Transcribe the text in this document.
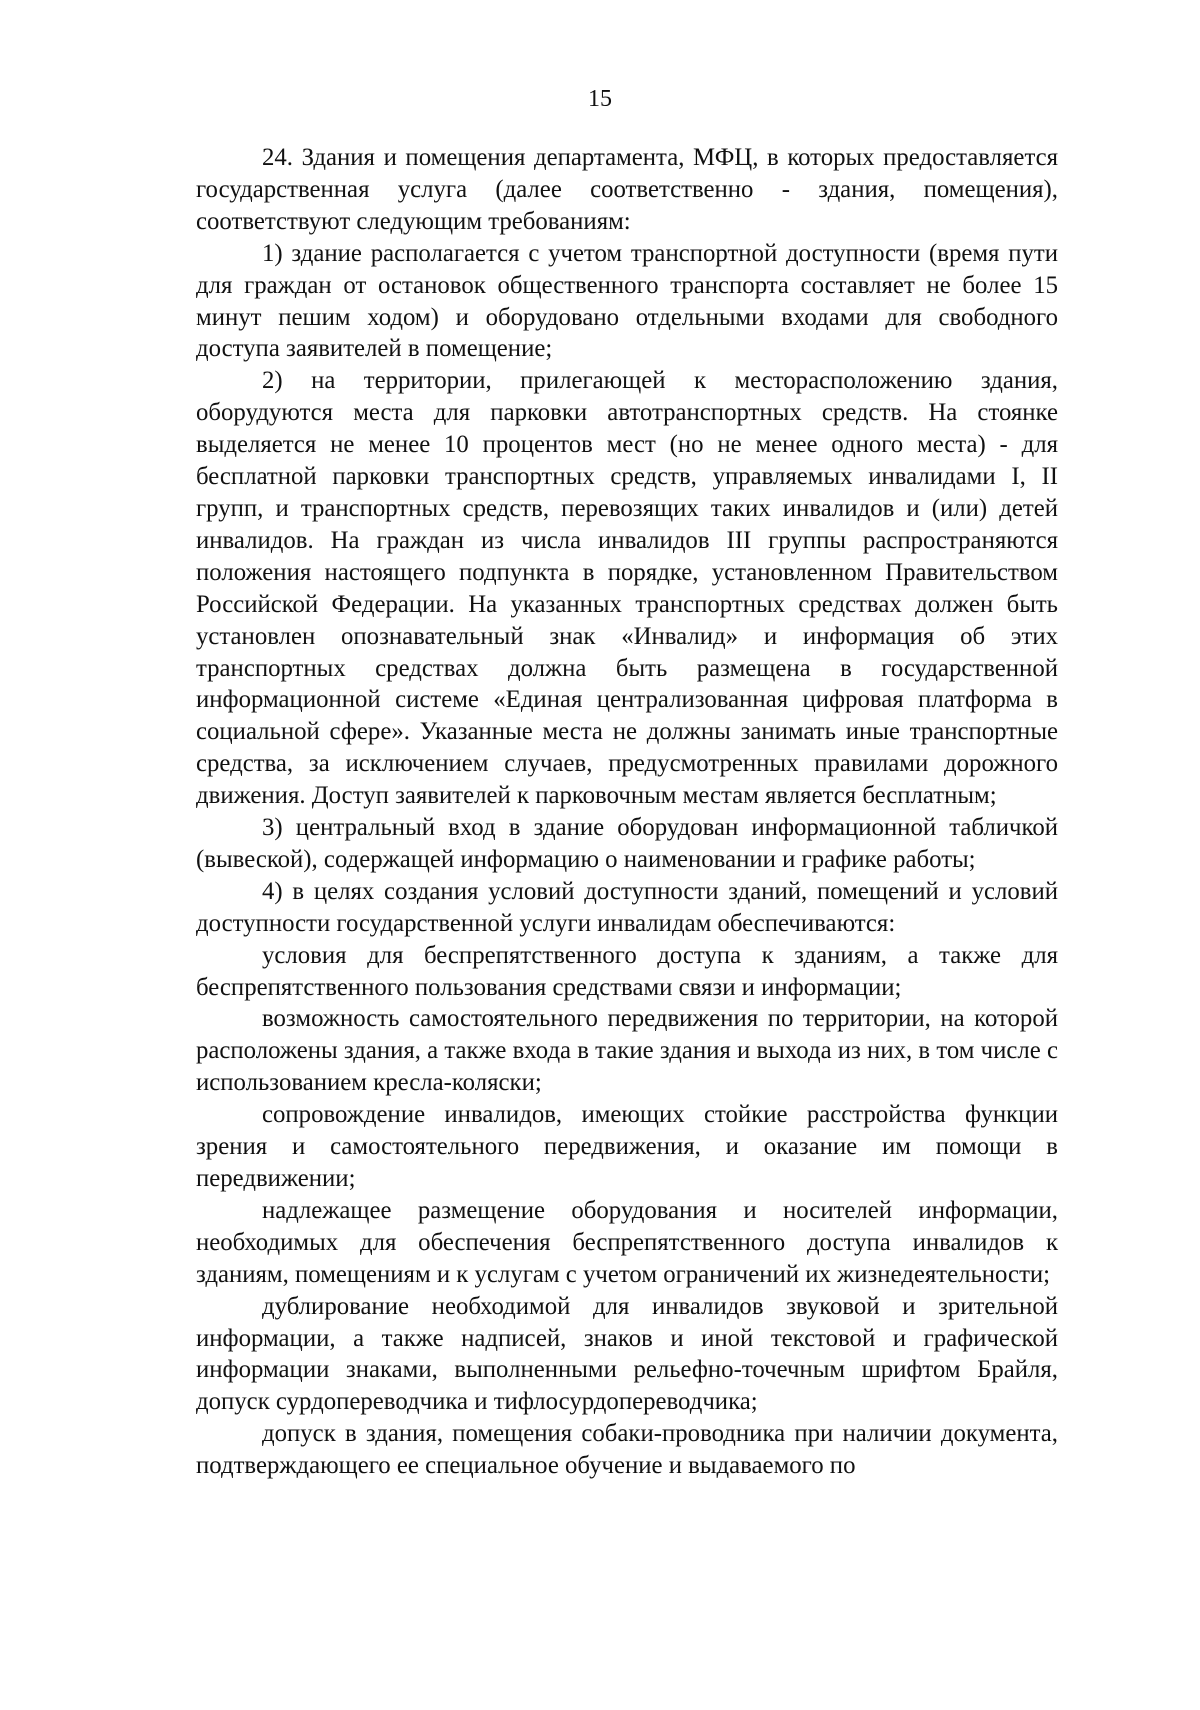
15

24. Здания и помещения департамента, МФЦ, в которых предоставляется государственная услуга (далее соответственно - здания, помещения), соответствуют следующим требованиям:

1) здание располагается с учетом транспортной доступности (время пути для граждан от остановок общественного транспорта составляет не более 15 минут пешим ходом) и оборудовано отдельными входами для свободного доступа заявителей в помещение;

2) на территории, прилегающей к месторасположению здания, оборудуются места для парковки автотранспортных средств. На стоянке выделяется не менее 10 процентов мест (но не менее одного места) - для бесплатной парковки транспортных средств, управляемых инвалидами I, II групп, и транспортных средств, перевозящих таких инвалидов и (или) детей инвалидов. На граждан из числа инвалидов III группы распространяются положения настоящего подпункта в порядке, установленном Правительством Российской Федерации. На указанных транспортных средствах должен быть установлен опознавательный знак «Инвалид» и информация об этих транспортных средствах должна быть размещена в государственной информационной системе «Единая централизованная цифровая платформа в социальной сфере». Указанные места не должны занимать иные транспортные средства, за исключением случаев, предусмотренных правилами дорожного движения. Доступ заявителей к парковочным местам является бесплатным;

3) центральный вход в здание оборудован информационной табличкой (вывеской), содержащей информацию о наименовании и графике работы;

4) в целях создания условий доступности зданий, помещений и условий доступности государственной услуги инвалидам обеспечиваются:

условия для беспрепятственного доступа к зданиям, а также для беспрепятственного пользования средствами связи и информации;

возможность самостоятельного передвижения по территории, на которой расположены здания, а также входа в такие здания и выхода из них, в том числе с использованием кресла-коляски;

сопровождение инвалидов, имеющих стойкие расстройства функции зрения и самостоятельного передвижения, и оказание им помощи в передвижении;

надлежащее размещение оборудования и носителей информации, необходимых для обеспечения беспрепятственного доступа инвалидов к зданиям, помещениям и к услугам с учетом ограничений их жизнедеятельности;

дублирование необходимой для инвалидов звуковой и зрительной информации, а также надписей, знаков и иной текстовой и графической информации знаками, выполненными рельефно-точечным шрифтом Брайля, допуск сурдопереводчика и тифлосурдопереводчика;

допуск в здания, помещения собаки-проводника при наличии документа, подтверждающего ее специальное обучение и выдаваемого по
